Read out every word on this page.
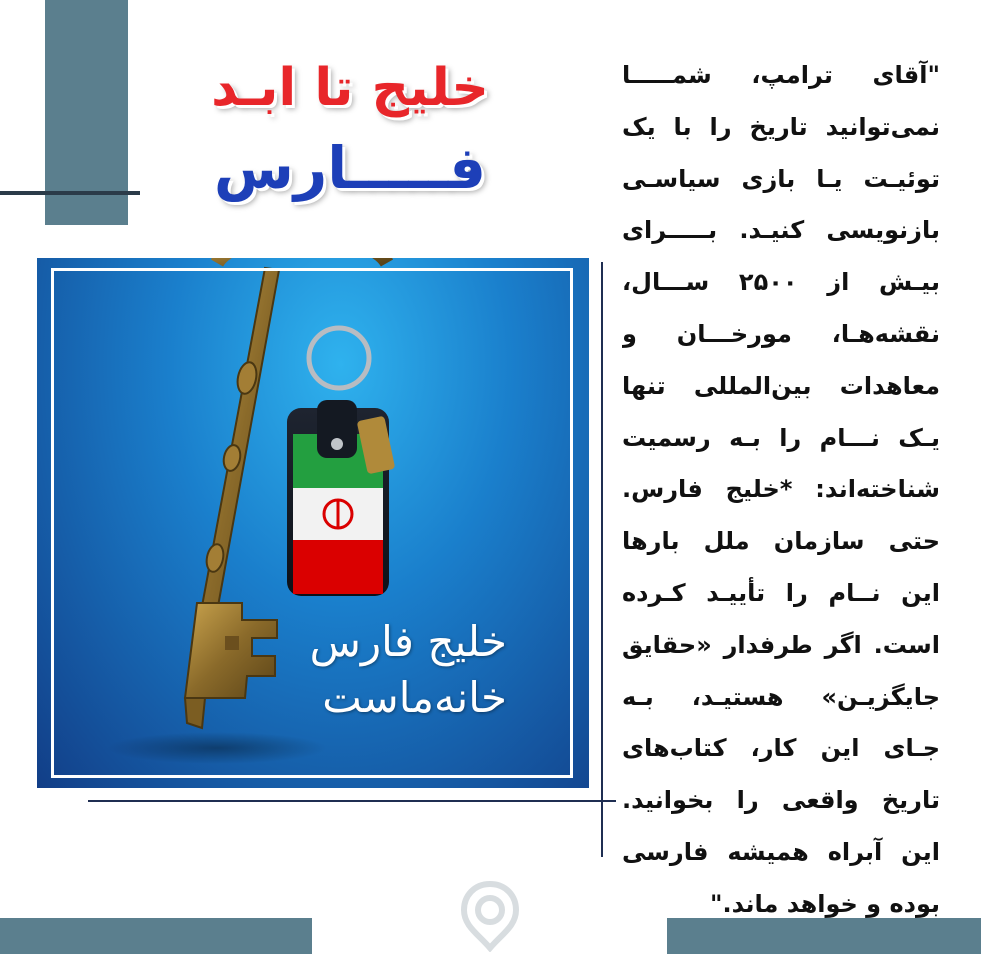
خلیج تا ابـد
فـــــارس
خلیج فارس
خانه‌ماست
"آقای ترامپ، شمـــــا
نمی‌توانید تاریخ را با یک
توئیـت یـا بازی سیاسـی
بازنویسی کنیـد. بـــــرای
بیـش از ۲۵۰۰ ســـال،
نقشه‌هـا، مورخـــان و
معاهدات بین‌المللی تنها
یـک نـــام را بـه رسمیت
شناخته‌اند: *خلیج فارس.
حتی سازمان ملل بارها
این نــام را تأییـد کـرده
است. اگر طرفدار «حقایق
جایگزیـن» هستیـد، بـه
جـای این کار، کتاب‌های
تاریخ واقعی را بخوانید.
این آبراه همیشه فارسی
بوده و خواهد ماند."
